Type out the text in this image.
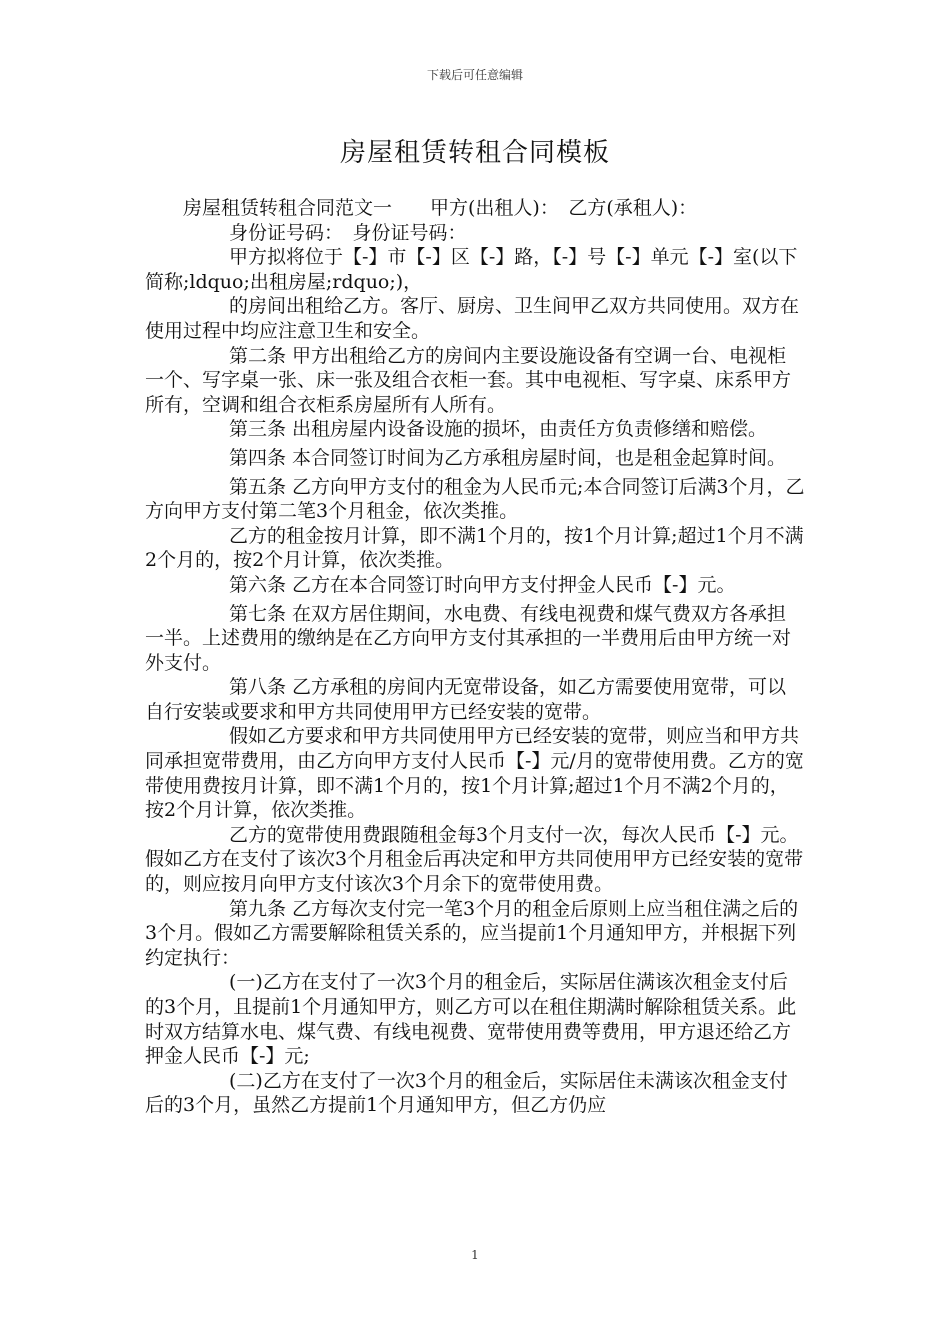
下载后可任意编辑
房屋租赁转租合同模板

房屋租赁转租合同范文一　　甲方(出租人)：　乙方(承租人)：

身份证号码：　身份证号码：

甲方拟将位于【-】市【-】区【-】路，【-】号【-】单元【-】室(以下简称;ldquo;出租房屋;rdquo;)，

的房间出租给乙方。客厅、厨房、卫生间甲乙双方共同使用。双方在使用过程中均应注意卫生和安全。

第二条 甲方出租给乙方的房间内主要设施设备有空调一台、电视柜一个、写字桌一张、床一张及组合衣柜一套。其中电视柜、写字桌、床系甲方所有，空调和组合衣柜系房屋所有人所有。

第三条 出租房屋内设备设施的损坏，由责任方负责修缮和赔偿。

第四条 本合同签订时间为乙方承租房屋时间，也是租金起算时间。

第五条 乙方向甲方支付的租金为人民币元;本合同签订后满3个月，乙方向甲方支付第二笔3个月租金，依次类推。

乙方的租金按月计算，即不满1个月的，按1个月计算;超过1个月不满2个月的，按2个月计算，依次类推。

第六条 乙方在本合同签订时向甲方支付押金人民币【-】元。

第七条 在双方居住期间，水电费、有线电视费和煤气费双方各承担一半。上述费用的缴纳是在乙方向甲方支付其承担的一半费用后由甲方统一对外支付。

第八条 乙方承租的房间内无宽带设备，如乙方需要使用宽带，可以自行安装或要求和甲方共同使用甲方已经安装的宽带。

假如乙方要求和甲方共同使用甲方已经安装的宽带，则应当和甲方共同承担宽带费用，由乙方向甲方支付人民币【-】元/月的宽带使用费。乙方的宽带使用费按月计算，即不满1个月的，按1个月计算;超过1个月不满2个月的，按2个月计算，依次类推。

乙方的宽带使用费跟随租金每3个月支付一次，每次人民币【-】元。假如乙方在支付了该次3个月租金后再决定和甲方共同使用甲方已经安装的宽带的，则应按月向甲方支付该次3个月余下的宽带使用费。

第九条 乙方每次支付完一笔3个月的租金后原则上应当租住满之后的3个月。假如乙方需要解除租赁关系的，应当提前1个月通知甲方，并根据下列约定执行：

(一)乙方在支付了一次3个月的租金后，实际居住满该次租金支付后的3个月，且提前1个月通知甲方，则乙方可以在租住期满时解除租赁关系。此时双方结算水电、煤气费、有线电视费、宽带使用费等费用，甲方退还给乙方押金人民币【-】元;

(二)乙方在支付了一次3个月的租金后，实际居住未满该次租金支付后的3个月，虽然乙方提前1个月通知甲方，但乙方仍应

1
